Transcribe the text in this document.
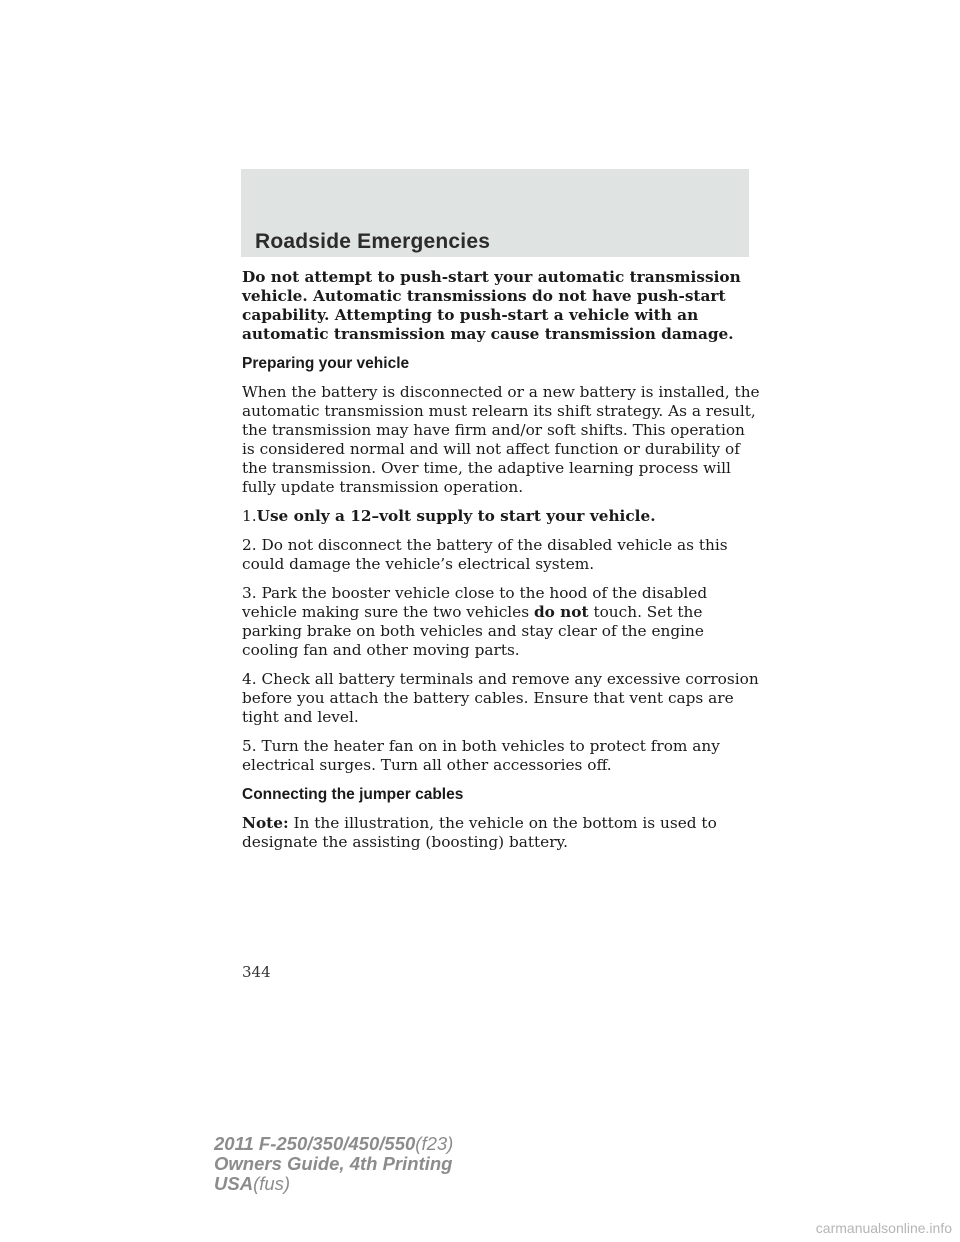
Roadside Emergencies

Do not attempt to push-start your automatic transmission vehicle. Automatic transmissions do not have push-start capability. Attempting to push-start a vehicle with an automatic transmission may cause transmission damage.

Preparing your vehicle

When the battery is disconnected or a new battery is installed, the automatic transmission must relearn its shift strategy. As a result, the transmission may have firm and/or soft shifts. This operation is considered normal and will not affect function or durability of the transmission. Over time, the adaptive learning process will fully update transmission operation.

1.Use only a 12–volt supply to start your vehicle.

2. Do not disconnect the battery of the disabled vehicle as this could damage the vehicle’s electrical system.

3. Park the booster vehicle close to the hood of the disabled vehicle making sure the two vehicles do not touch. Set the parking brake on both vehicles and stay clear of the engine cooling fan and other moving parts.

4. Check all battery terminals and remove any excessive corrosion before you attach the battery cables. Ensure that vent caps are tight and level.

5. Turn the heater fan on in both vehicles to protect from any electrical surges. Turn all other accessories off.

Connecting the jumper cables

Note: In the illustration, the vehicle on the bottom is used to designate the assisting (boosting) battery.

344
2011 F-250/350/450/550(f23)
Owners Guide, 4th Printing
USA(fus)
carmanualsonline.info
